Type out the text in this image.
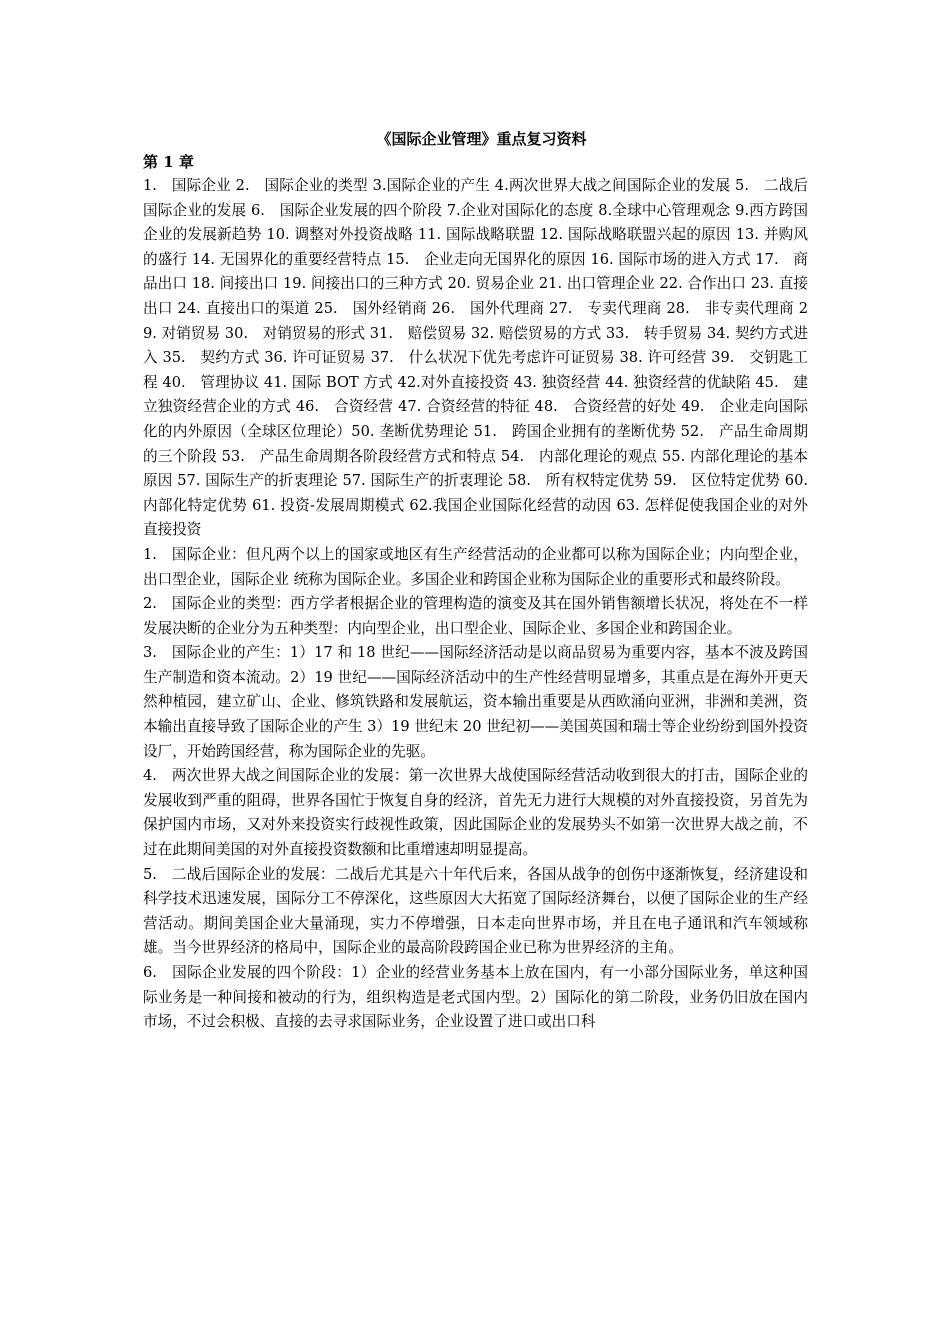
《国际企业管理》重点复习资料

第 1 章

1.　国际企业 2.　国际企业的类型 3.国际企业的产生 4.两次世界大战之间国际企业的发展 5.　二战后国际企业的发展 6.　国际企业发展的四个阶段 7.企业对国际化的态度 8.全球中心管理观念 9.西方跨国企业的发展新趋势 10. 调整对外投资战略 11. 国际战略联盟 12. 国际战略联盟兴起的原因 13. 并购风的盛行 14. 无国界化的重要经营特点 15.　企业走向无国界化的原因 16. 国际市场的进入方式 17.　商品出口 18. 间接出口 19. 间接出口的三种方式 20. 贸易企业 21. 出口管理企业 22. 合作出口 23. 直接出口 24. 直接出口的渠道 25.　国外经销商 26.　国外代理商 27.　专卖代理商 28.　非专卖代理商 29. 对销贸易 30.　对销贸易的形式 31.　赔偿贸易 32. 赔偿贸易的方式 33.　转手贸易 34. 契约方式进入 35.　契约方式 36. 许可证贸易 37.　什么状况下优先考虑许可证贸易 38. 许可经营 39.　交钥匙工程 40.　管理协议 41. 国际 BOT 方式 42.对外直接投资 43. 独资经营 44. 独资经营的优缺陷 45.　建立独资经营企业的方式 46.　合资经营 47. 合资经营的特征 48.　合资经营的好处 49.　企业走向国际化的内外原因（全球区位理论）50. 垄断优势理论 51.　跨国企业拥有的垄断优势 52.　产品生命周期的三个阶段 53.　产品生命周期各阶段经营方式和特点 54.　内部化理论的观点 55. 内部化理论的基本原因 57. 国际生产的折衷理论 57. 国际生产的折衷理论 58.　所有权特定优势 59.　区位特定优势 60. 内部化特定优势 61. 投资-发展周期模式 62.我国企业国际化经营的动因 63. 怎样促使我国企业的对外直接投资

1.　国际企业：但凡两个以上的国家或地区有生产经营活动的企业都可以称为国际企业；内向型企业，出口型企业，国际企业 统称为国际企业。多国企业和跨国企业称为国际企业的重要形式和最终阶段。

2.　国际企业的类型：西方学者根据企业的管理构造的演变及其在国外销售额增长状况，将处在不一样发展决断的企业分为五种类型：内向型企业，出口型企业、国际企业、多国企业和跨国企业。

3.　国际企业的产生：1）17 和 18 世纪——国际经济活动是以商品贸易为重要内容，基本不波及跨国生产制造和资本流动。2）19 世纪——国际经济活动中的生产性经营明显增多，其重点是在海外开更天然种植园，建立矿山、企业、修筑铁路和发展航运，资本输出重要是从西欧涌向亚洲，非洲和美洲，资本输出直接导致了国际企业的产生 3）19 世纪末 20 世纪初——美国英国和瑞士等企业纷纷到国外投资设厂，开始跨国经营，称为国际企业的先驱。

4.　两次世界大战之间国际企业的发展：第一次世界大战使国际经营活动收到很大的打击，国际企业的发展收到严重的阻碍，世界各国忙于恢复自身的经济，首先无力进行大规模的对外直接投资，另首先为保护国内市场，又对外来投资实行歧视性政策，因此国际企业的发展势头不如第一次世界大战之前，不过在此期间美国的对外直接投资数额和比重增速却明显提高。

5.　二战后国际企业的发展：二战后尤其是六十年代后来，各国从战争的创伤中逐渐恢复，经济建设和科学技术迅速发展，国际分工不停深化，这些原因大大拓宽了国际经济舞台，以便了国际企业的生产经营活动。期间美国企业大量涌现，实力不停增强，日本走向世界市场，并且在电子通讯和汽车领域称雄。当今世界经济的格局中，国际企业的最高阶段跨国企业已称为世界经济的主角。

6.　国际企业发展的四个阶段：1）企业的经营业务基本上放在国内，有一小部分国际业务，单这种国际业务是一种间接和被动的行为，组织构造是老式国内型。2）国际化的第二阶段，业务仍旧放在国内市场，不过会积极、直接的去寻求国际业务，企业设置了进口或出口科
